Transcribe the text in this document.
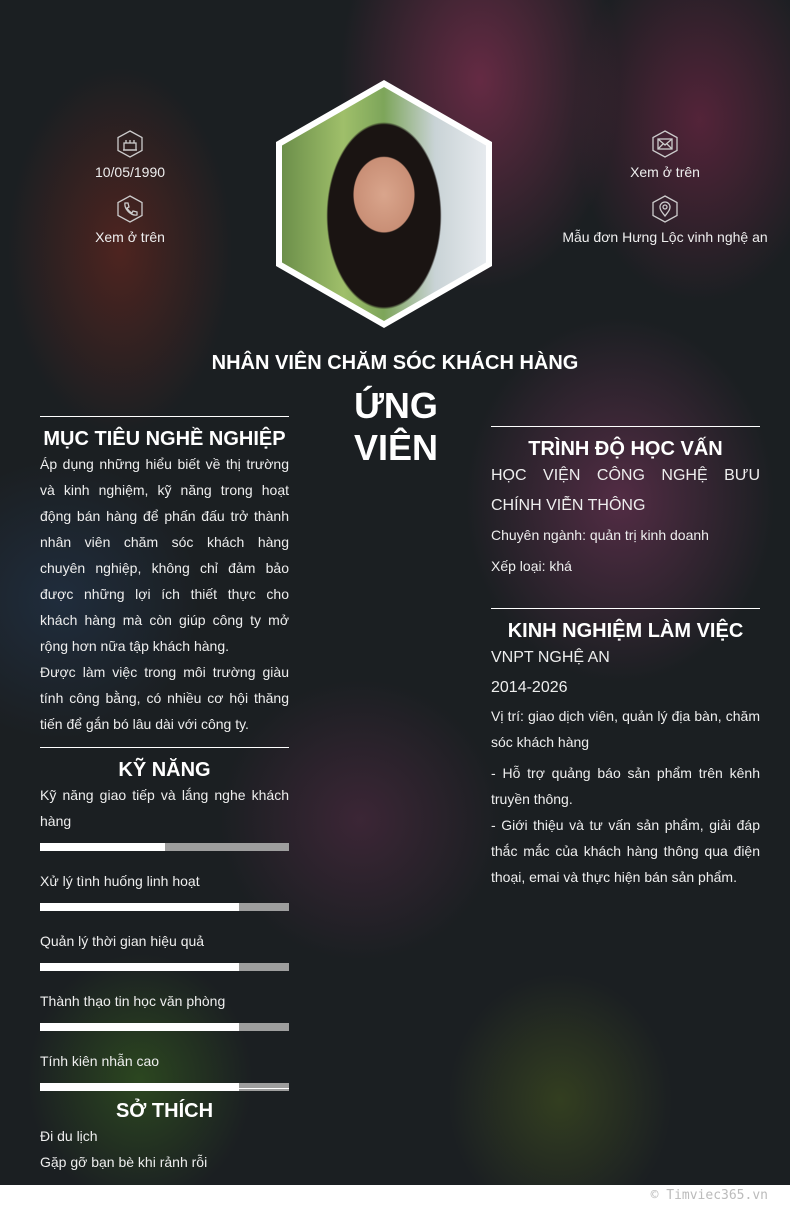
10/05/1990
Xem ở trên
Xem ở trên
Mẫu đơn Hưng Lộc vinh nghệ an
NHÂN VIÊN CHĂM SÓC KHÁCH HÀNG
ỨNG
VIÊN
MỤC TIÊU NGHỀ NGHIỆP
Áp dụng những hiểu biết về thị trường và kinh nghiệm, kỹ năng trong hoạt động bán hàng để phấn đấu trở thành nhân viên chăm sóc khách hàng chuyên nghiệp, không chỉ đảm bảo được những lợi ích thiết thực cho khách hàng mà còn giúp công ty mở rộng hơn nữa tập khách hàng.
Được làm việc trong môi trường giàu tính công bằng, có nhiều cơ hội thăng tiến để gắn bó lâu dài với công ty.
KỸ NĂNG
Kỹ năng giao tiếp và lắng nghe khách hàng
Xử lý tình huống linh hoạt
Quản lý thời gian hiệu quả
Thành thạo tin học văn phòng
Tính kiên nhẫn cao
SỞ THÍCH
Đi du lịch
Gặp gỡ bạn bè khi rảnh rỗi
TRÌNH ĐỘ HỌC VẤN
HỌC VIỆN CÔNG NGHỆ BƯU CHÍNH VIỄN THÔNG
Chuyên ngành: quản trị kinh doanh
Xếp loại: khá
KINH NGHIỆM LÀM VIỆC
VNPT NGHỆ AN
2014-2026
Vị trí: giao dịch viên, quản lý địa bàn, chăm sóc khách hàng
- Hỗ trợ quảng báo sản phẩm trên kênh truyền thông.
- Giới thiệu và tư vấn sản phẩm, giải đáp thắc mắc của khách hàng thông qua điện thoại, emai và thực hiện bán sản phẩm.
© Timviec365.vn
